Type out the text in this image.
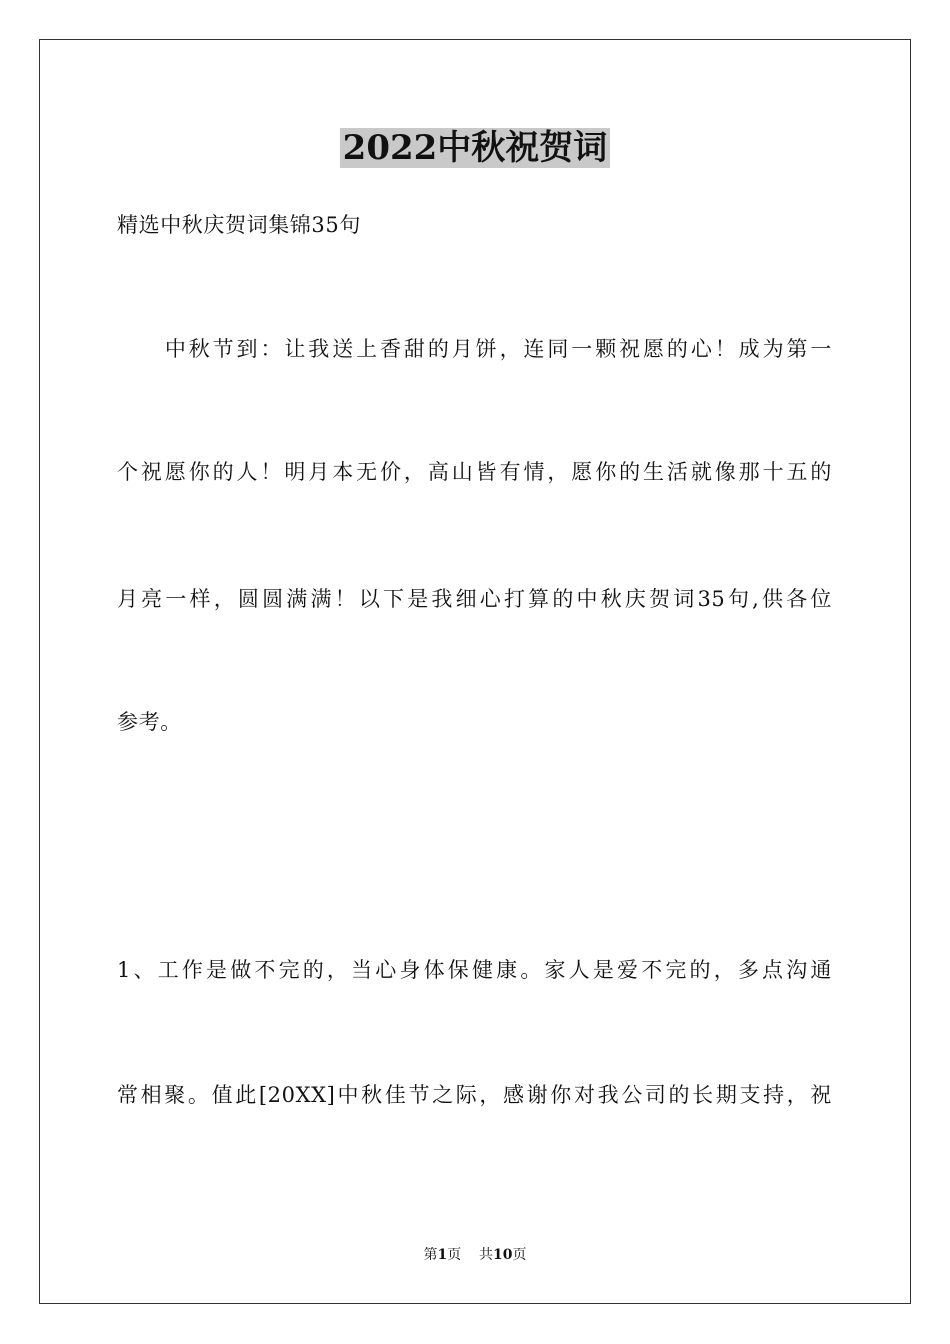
2022中秋祝贺词
精选中秋庆贺词集锦35句
　　中秋节到：让我送上香甜的月饼，连同一颗祝愿的心！成为第一
个祝愿你的人！明月本无价，高山皆有情，愿你的生活就像那十五的
月亮一样，圆圆满满！以下是我细心打算的中秋庆贺词35句,供各位
参考。
1、工作是做不完的，当心身体保健康。家人是爱不完的，多点沟通
常相聚。值此[20XX]中秋佳节之际，感谢你对我公司的长期支持，祝
第1页 共10页
